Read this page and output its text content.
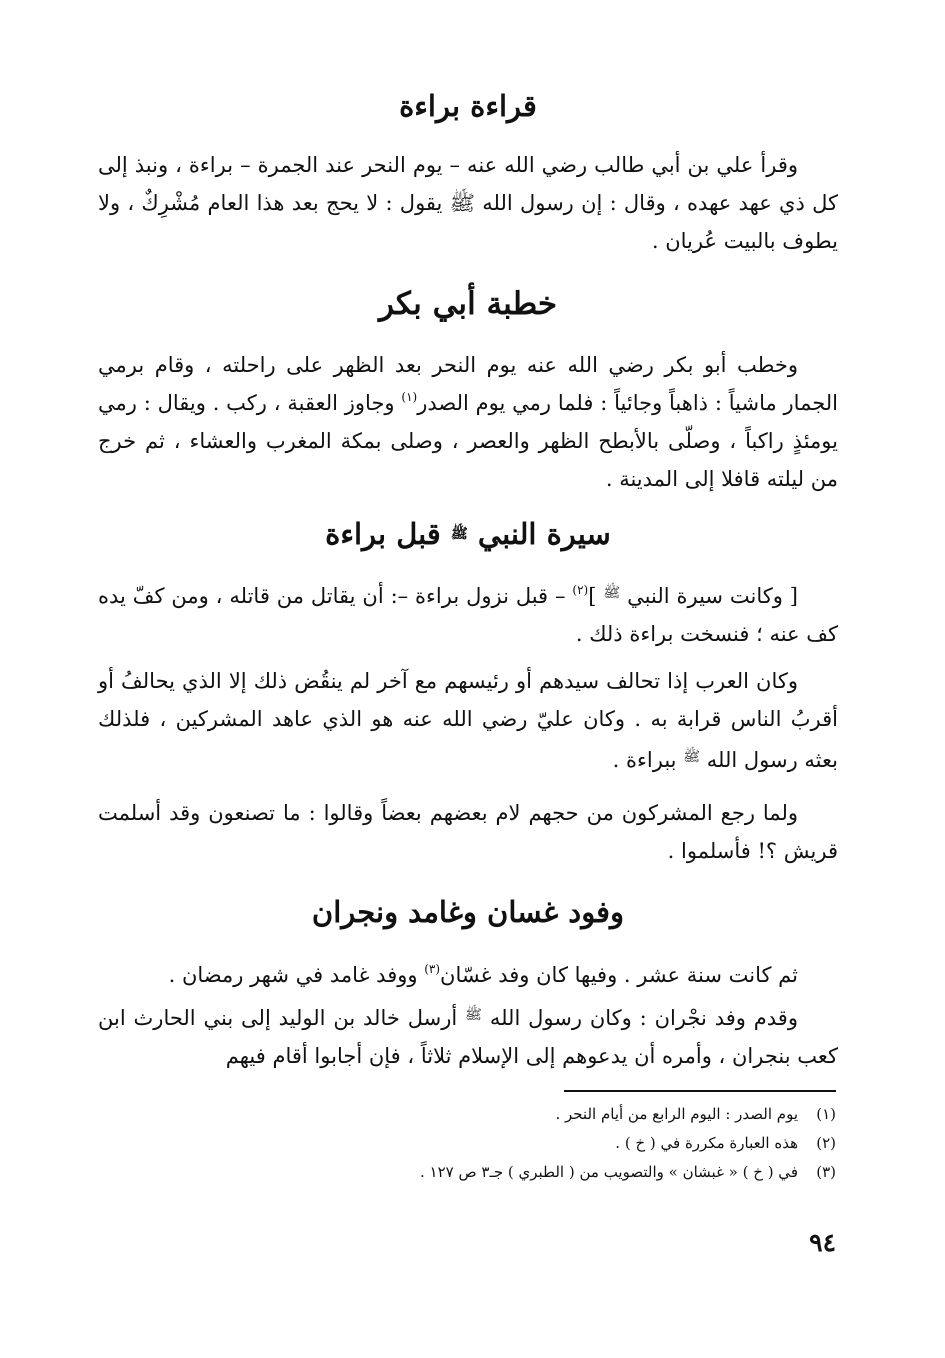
قراءة براءة

وقرأ علي بن أبي طالب رضي الله عنه – يوم النحر عند الجمرة – براءة ، ونبذ إلى كل ذي عهد عهده ، وقال : إن رسول الله ﷺ يقول : لا يحج بعد هذا العام مُشْرِكٌ ، ولا يطوف بالبيت عُريان .

خطبة أبي بكر

وخطب أبو بكر رضي الله عنه يوم النحر بعد الظهر على راحلته ، وقام برمي الجمار ماشياً : ذاهباً وجائياً : فلما رمي يوم الصدر$^{(١)}$ وجاوز العقبة ، ركب . ويقال : رمي يومئذٍ راكباً ، وصلّى بالأبطح الظهر والعصر ، وصلى بمكة المغرب والعشاء ، ثم خرج من ليلته قافلا إلى المدينة .

سيرة النبي $^ﷺ$ قبل براءة

[ وكانت سيرة النبي $^ﷺ$ ]$^{(٢)}$ – قبل نزول براءة –: أن يقاتل من قاتله ، ومن كفّ يده كف عنه ؛ فنسخت براءة ذلك .

وكان العرب إذا تحالف سيدهم أو رئيسهم مع آخر لم ينقُض ذلك إلا الذي يحالفُ أو أقربُ الناس قرابة به . وكان عليّ رضي الله عنه هو الذي عاهد المشركين ، فلذلك بعثه رسول الله $^ﷺ$ ببراءة .

ولما رجع المشركون من حجهم لام بعضهم بعضاً وقالوا : ما تصنعون وقد أسلمت قريش ؟! فأسلموا .

وفود غسان وغامد ونجران

ثم كانت سنة عشر . وفيها كان وفد غسّان$^{(٣)}$ ووفد غامد في شهر رمضان .

وقدم وفد نجْران : وكان رسول الله $^ﷺ$ أرسل خالد بن الوليد إلى بني الحارث ابن كعب بنجران ، وأمره أن يدعوهم إلى الإسلام ثلاثاً ، فإن أجابوا أقام فيهم

(١)
يوم الصدر : اليوم الرابع من أيام النحر .
(٢)
هذه العبارة مكررة في ( خ ) .
(٣)
في ( خ ) « غبشان » والتصويب من ( الطبري ) جـ٣ ص ١٢٧ .
٩٤
